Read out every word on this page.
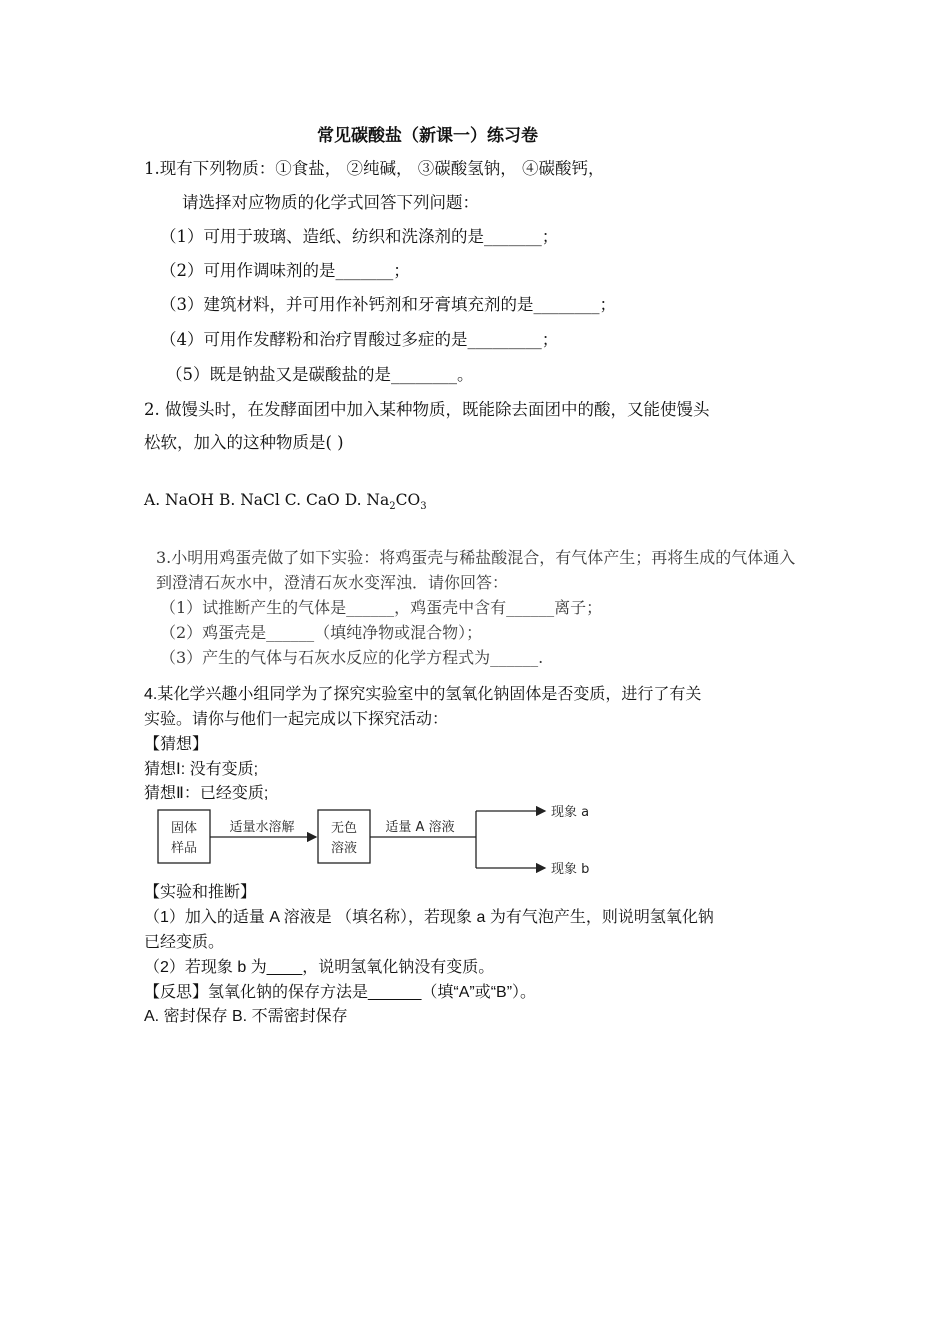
常见碳酸盐（新课一）练习卷
1.现有下列物质：①食盐， ②纯碱， ③碳酸氢钠， ④碳酸钙，
请选择对应物质的化学式回答下列问题：
（1）可用于玻璃、造纸、纺织和洗涤剂的是_______；
（2）可用作调味剂的是_______；
（3）建筑材料，并可用作补钙剂和牙膏填充剂的是________；
（4）可用作发酵粉和治疗胃酸过多症的是_________；
（5）既是钠盐又是碳酸盐的是________。
2. 做馒头时，在发酵面团中加入某种物质，既能除去面团中的酸，又能使馒头
松软，加入的这种物质是( )
A. NaOH B. NaCl C. CaO D. $Na_2CO_3$
3.小明用鸡蛋壳做了如下实验：将鸡蛋壳与稀盐酸混合，有气体产生；再将生成的气体通入
到澄清石灰水中，澄清石灰水变浑浊．请你回答：
（1）试推断产生的气体是______，鸡蛋壳中含有______离子；
（2）鸡蛋壳是______（填纯净物或混合物）；
（3）产生的气体与石灰水反应的化学方程式为______.
4.某化学兴趣小组同学为了探究实验室中的氢氧化钠固体是否变质，进行了有关
实验。请你与他们一起完成以下探究活动：
【猜想】
猜想Ⅰ: 没有变质;
猜想Ⅱ：已经变质;
固体
样品
适量水溶解	无色
溶液
适量 A 溶液
现象 a
现象 b
【实验和推断】
（1）加入的适量 A 溶液是 （填名称），若现象 a 为有气泡产生，则说明氢氧化钠
已经变质。
（2）若现象 b 为____，说明氢氧化钠没有变质。
【反思】氢氧化钠的保存方法是______（填“A”或“B”）。
A. 密封保存 B. 不需密封保存
